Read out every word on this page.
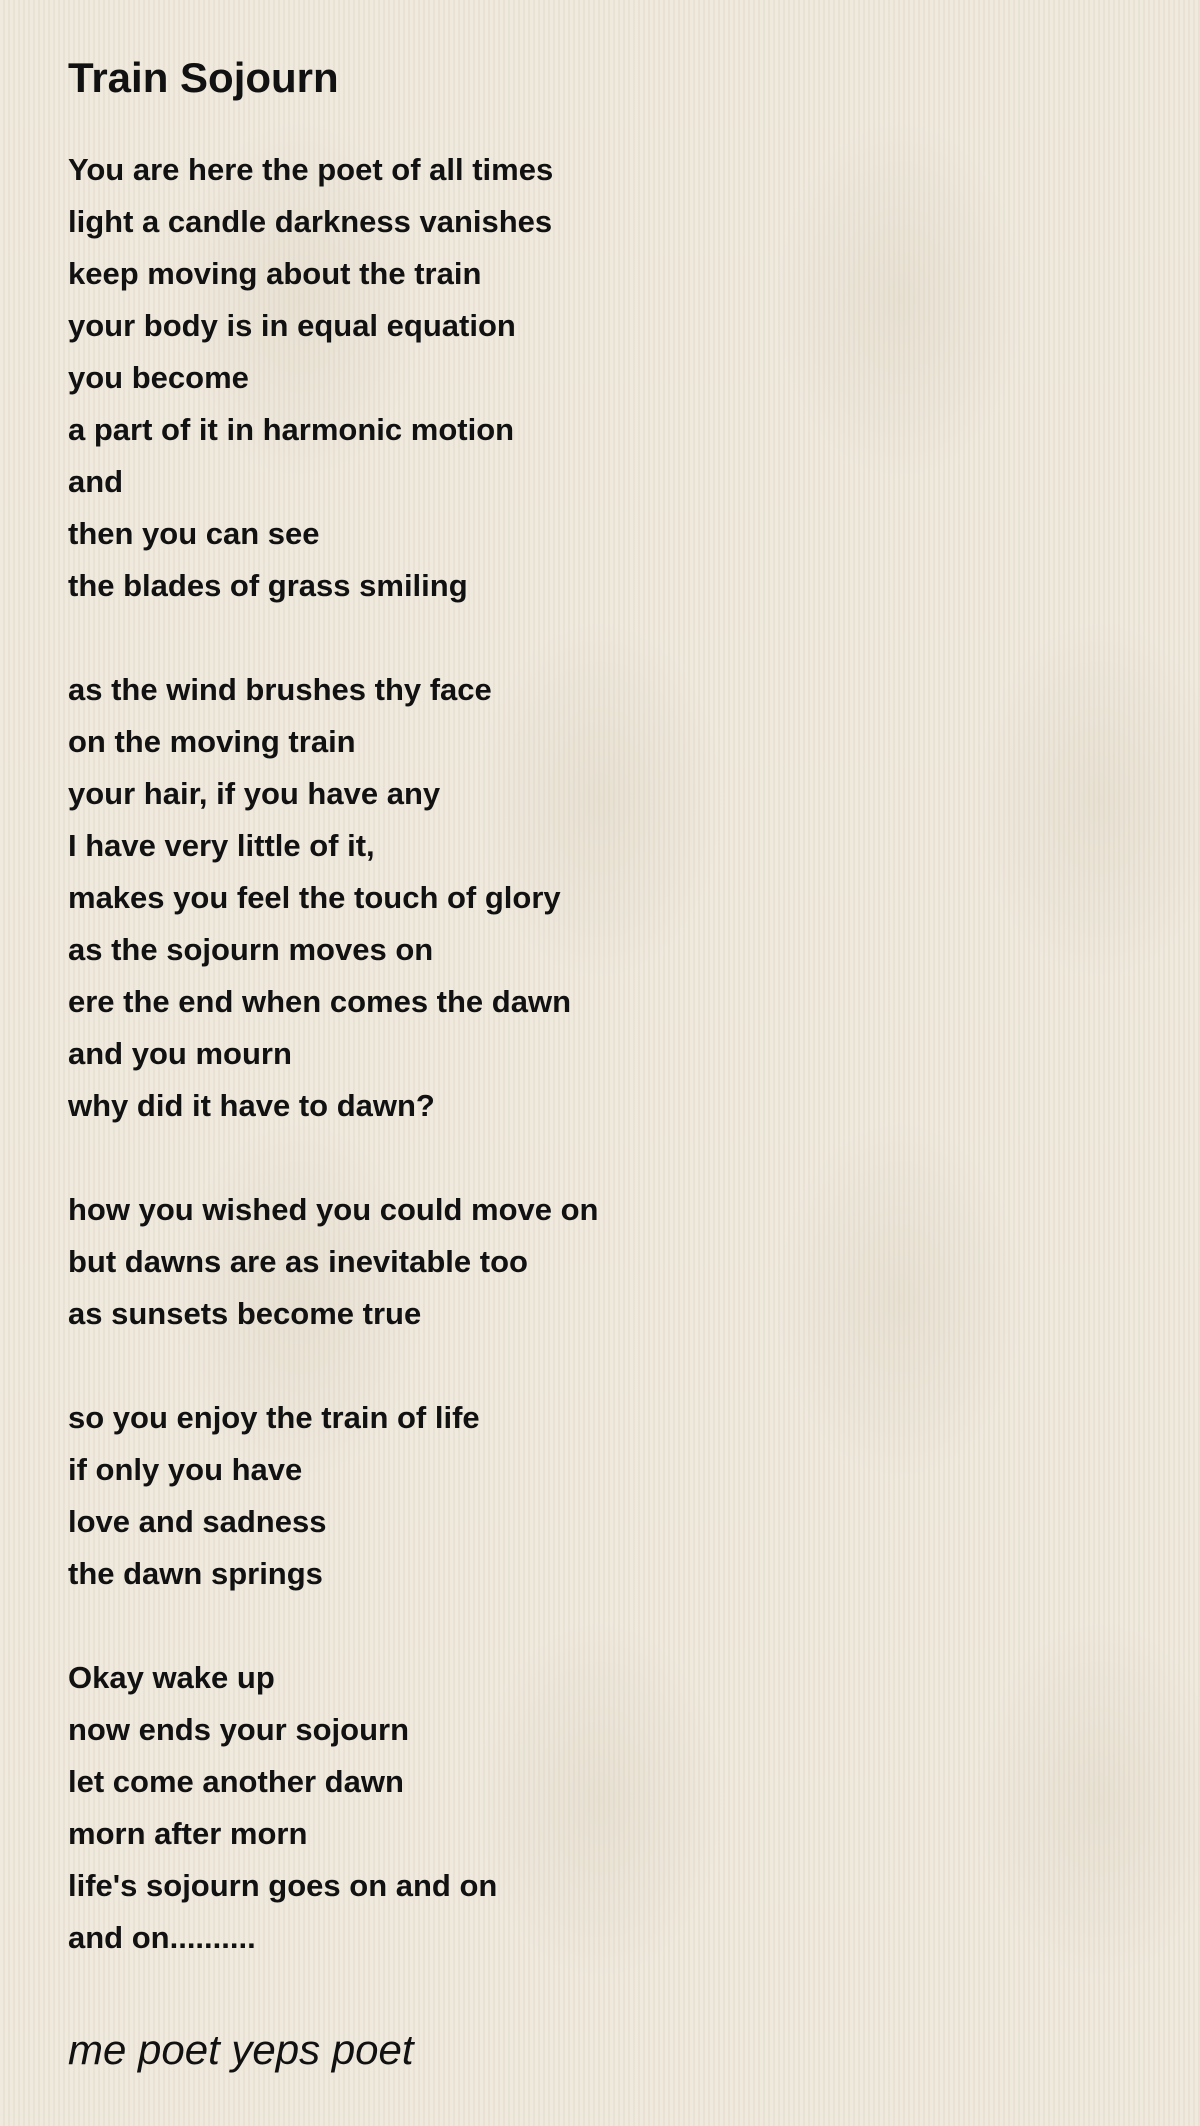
Train Sojourn
You are here the poet of all times
light a candle darkness vanishes
keep moving about the train
your body is in equal equation
you become
a part of it in harmonic motion
and
then you can see
the blades of grass smiling
as the wind brushes thy face
on the moving train
your hair, if you have any
I have very little of it,
makes you feel the touch of glory
as the sojourn moves on
ere the end when comes the dawn
and you mourn
why did it have to dawn?
how you wished you could move on
but dawns are as inevitable too
as sunsets become true
so you enjoy the train of life
if only you have
love and sadness
the dawn springs
Okay wake up
now ends your sojourn
let come another dawn
morn after morn
life's sojourn goes on and on
and on..........
me poet yeps poet
